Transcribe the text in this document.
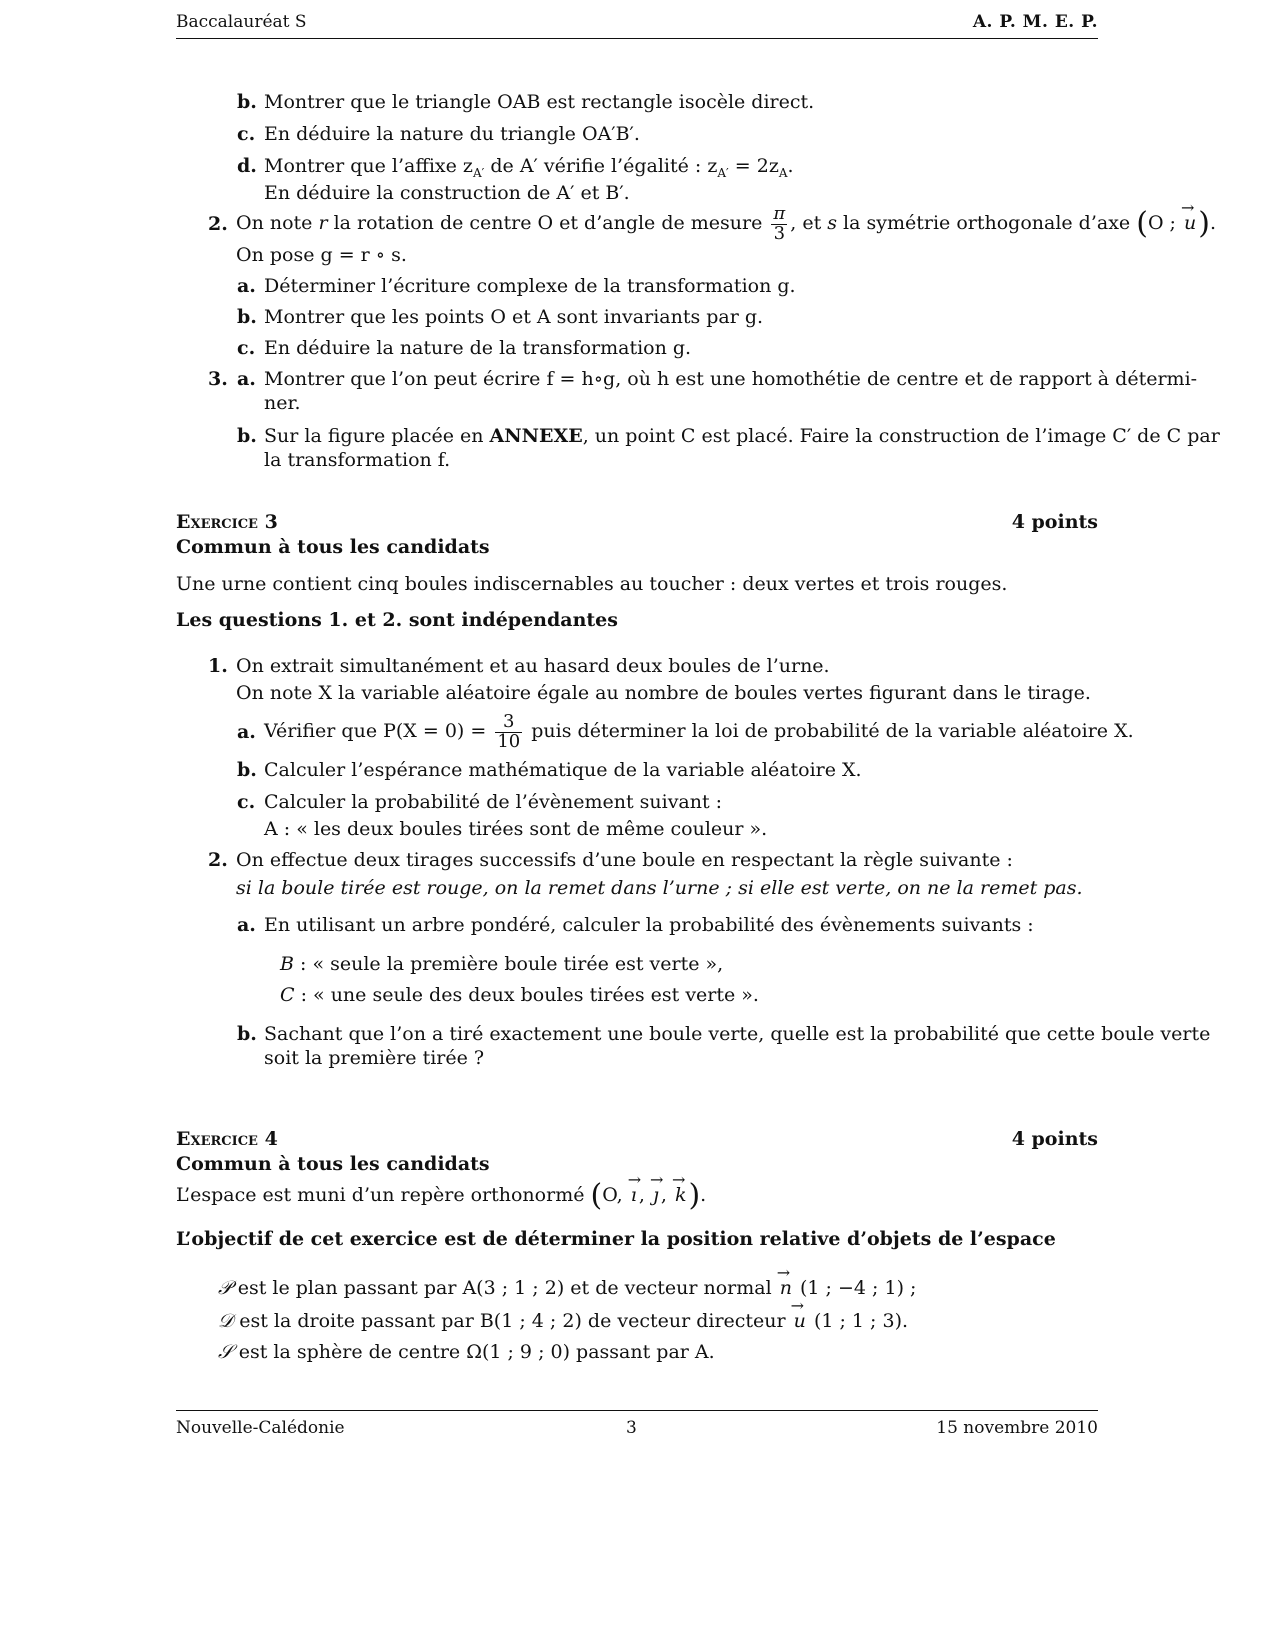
Baccalauréat S	A. P. M. E. P.
b. Montrer que le triangle OAB est rectangle isocèle direct.
c. En déduire la nature du triangle OA′B′.
d. Montrer que l’affixe $z_{A'}$ de A′ vérifie l’égalité : $z_{A'} = 2z_A$.
En déduire la construction de A′ et B′.
2. On note r la rotation de centre O et d’angle de mesure $\frac{\pi}{3}$ , et s la symétrie orthogonale d’axe (O ; → u).
On pose g = r ∘ s.
a. Déterminer l’écriture complexe de la transformation g.
b. Montrer que les points O et A sont invariants par g.
c. En déduire la nature de la transformation g.
3. a. Montrer que l’on peut écrire f = h∘g, où h est une homothétie de centre et de rapport à détermi-
ner.
b. Sur la figure placée en ANNEXE, un point C est placé. Faire la construction de l’image C′ de C par
la transformation f.
Exercice 3	4 points
Commun à tous les candidats
Une urne contient cinq boules indiscernables au toucher : deux vertes et trois rouges.
Les questions 1. et 2. sont indépendantes
1. On extrait simultanément et au hasard deux boules de l’urne.
On note X la variable aléatoire égale au nombre de boules vertes figurant dans le tirage.
a. Vérifier que $P(X = 0) = \frac{3}{10}$ puis déterminer la loi de probabilité de la variable aléatoire X.
b. Calculer l’espérance mathématique de la variable aléatoire X.
c. Calculer la probabilité de l’évènement suivant :
A : « les deux boules tirées sont de même couleur ».
2. On effectue deux tirages successifs d’une boule en respectant la règle suivante :
si la boule tirée est rouge, on la remet dans l’urne ; si elle est verte, on ne la remet pas.
a. En utilisant un arbre pondéré, calculer la probabilité des évènements suivants :
B : « seule la première boule tirée est verte »,
C : « une seule des deux boules tirées est verte ».
b. Sachant que l’on a tiré exactement une boule verte, quelle est la probabilité que cette boule verte
soit la première tirée ?
Exercice 4	4 points
Commun à tous les candidats
L’espace est muni d’un repère orthonormé (O, → ı , → ȷ , → k).
L’objectif de cet exercice est de déterminer la position relative d’objets de l’espace
𝒫 est le plan passant par A(3 ; 1 ; 2) et de vecteur normal → n (1 ; −4 ; 1) ;
𝒟 est la droite passant par B(1 ; 4 ; 2) de vecteur directeur → u (1 ; 1 ; 3).
𝒮 est la sphère de centre Ω(1 ; 9 ; 0) passant par A.
Nouvelle-Calédonie	3	15 novembre 2010
